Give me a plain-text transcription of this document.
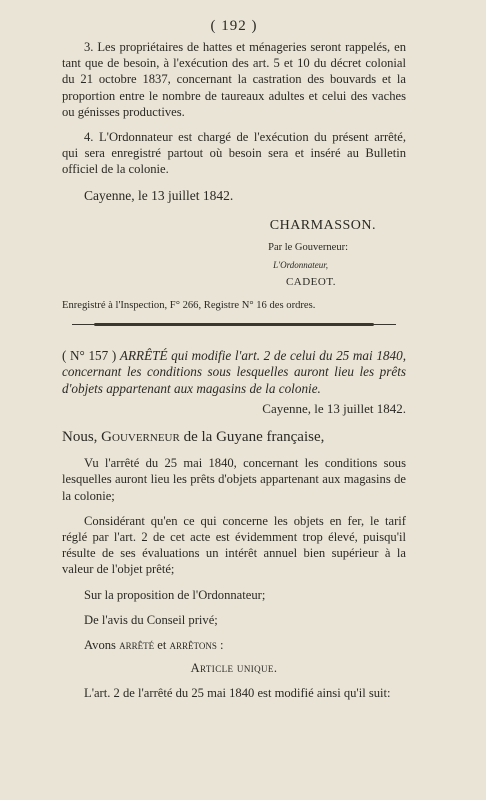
( 192 )

3. Les propriétaires de hattes et ménageries seront rappelés, en tant que de besoin, à l'exécution des art. 5 et 10 du décret colonial du 21 octobre 1837, concernant la castration des bouvards et la proportion entre le nombre de taureaux adultes et celui des vaches ou génisses productives.

4. L'Ordonnateur est chargé de l'exécution du présent arrêté, qui sera enregistré partout où besoin sera et inséré au Bulletin officiel de la colonie.

Cayenne, le 13 juillet 1842.
CHARMASSON.
Par le Gouverneur:
L'Ordonnateur,
CADEOT.
Enregistré à l'Inspection, F° 266, Registre N° 16 des ordres.

( N° 157 ) ARRÊTÉ qui modifie l'art. 2 de celui du 25 mai 1840, concernant les conditions sous lesquelles auront lieu les prêts d'objets appartenant aux magasins de la colonie.

Cayenne, le 13 juillet 1842.
Nous, Gouverneur de la Guyane française,

Vu l'arrêté du 25 mai 1840, concernant les conditions sous lesquelles auront lieu les prêts d'objets appartenant aux magasins de la colonie;

Considérant qu'en ce qui concerne les objets en fer, le tarif réglé par l'art. 2 de cet acte est évidemment trop élevé, puisqu'il résulte de ses évaluations un intérêt annuel bien supérieur à la valeur de l'objet prêté;

Sur la proposition de l'Ordonnateur;

De l'avis du Conseil privé;

Avons arrêté et arrêtons :

Article unique.

L'art. 2 de l'arrêté du 25 mai 1840 est modifié ainsi qu'il suit:
